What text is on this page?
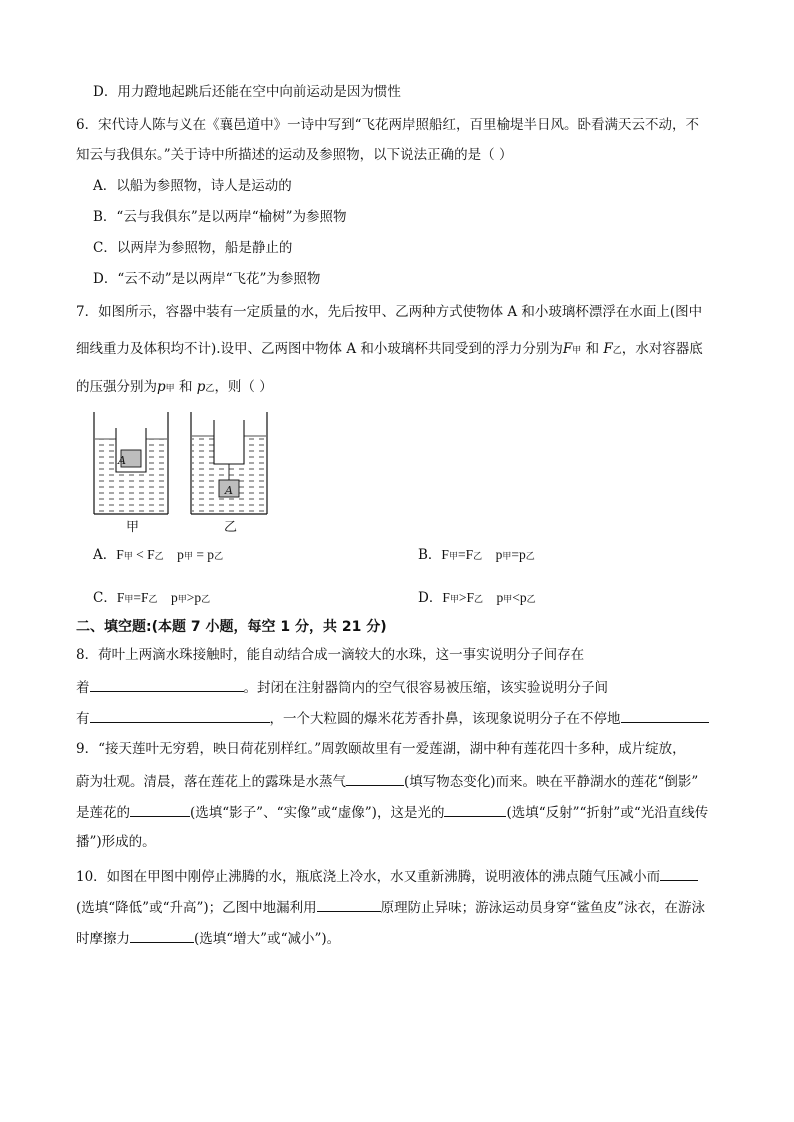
D．用力蹬地起跳后还能在空中向前运动是因为惯性
6．宋代诗人陈与义在《襄邑道中》一诗中写到“飞花两岸照船红，百里榆堤半日风。卧看满天云不动，不
知云与我俱东。”关于诗中所描述的运动及参照物，以下说法正确的是（ ）
A．以船为参照物，诗人是运动的
B．“云与我俱东”是以两岸“榆树”为参照物
C．以两岸为参照物，船是静止的
D．“云不动”是以两岸“飞花”为参照物
7．如图所示，容器中装有一定质量的水，先后按甲、乙两种方式使物体 A 和小玻璃杯漂浮在水面上(图中
细线重力及体积均不计).设甲、乙两图中物体 A 和小玻璃杯共同受到的浮力分别为F甲 和 F乙，水对容器底
的压强分别为p甲 和 p乙，则（ ）
A
A
甲	乙
A．F甲 < F乙    p甲 = p乙	B．F甲=F乙    p甲=p乙
C．F甲=F乙    p甲>p乙	D．F甲>F乙    p甲<p乙
二、填空题:(本题 7 小题，每空 1 分，共 21 分)
8．荷叶上两滴水珠接触时，能自动结合成一滴较大的水珠，这一事实说明分子间存在
着	。封闭在注射器筒内的空气很容易被压缩，该实验说明分子间
有	，一个大粒圆的爆米花芳香扑鼻，该现象说明分子在不停地
9．“接天莲叶无穷碧，映日荷花别样红。”周敦颐故里有一爱莲湖，湖中种有莲花四十多种，成片绽放，
蔚为壮观。清晨，落在莲花上的露珠是水蒸气	(填写物态变化)而来。映在平静湖水的莲花“倒影”
是莲花的	(选填“影子”、“实像”或“虚像”)，这是光的	(选填“反射”“折射”或“光沿直线传
播”)形成的。
10．如图在甲图中刚停止沸腾的水，瓶底浇上冷水，水又重新沸腾，说明液体的沸点随气压减小而
(选填“降低”或“升高”)；乙图中地漏利用	原理防止异味；游泳运动员身穿“鲨鱼皮”泳衣，在游泳
时摩擦力	(选填“增大”或“减小”)。
